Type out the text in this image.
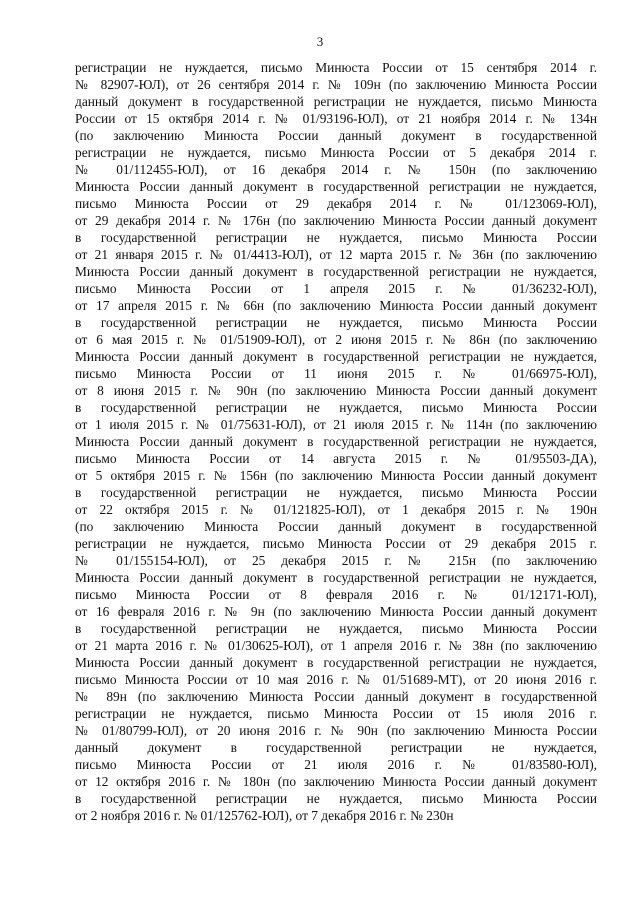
3
регистрации не нуждается, письмо Минюста России от 15 сентября 2014 г.
№ 82907-ЮЛ), от 26 сентября 2014 г. № 109н (по заключению Минюста России
данный документ в государственной регистрации не нуждается, письмо Минюста
России от 15 октября 2014 г. № 01/93196-ЮЛ), от 21 ноября 2014 г. № 134н
(по заключению Минюста России данный документ в государственной
регистрации не нуждается, письмо Минюста России от 5 декабря 2014 г.
№ 01/112455-ЮЛ), от 16 декабря 2014 г. № 150н (по заключению
Минюста России данный документ в государственной регистрации не нуждается,
письмо Минюста России от 29 декабря 2014 г. № 01/123069-ЮЛ),
от 29 декабря 2014 г. № 176н (по заключению Минюста России данный документ
в государственной регистрации не нуждается, письмо Минюста России
от 21 января 2015 г. № 01/4413-ЮЛ), от 12 марта 2015 г. № 36н (по заключению
Минюста России данный документ в государственной регистрации не нуждается,
письмо Минюста России от 1 апреля 2015 г. № 01/36232-ЮЛ),
от 17 апреля 2015 г. № 66н (по заключению Минюста России данный документ
в государственной регистрации не нуждается, письмо Минюста России
от 6 мая 2015 г. № 01/51909-ЮЛ), от 2 июня 2015 г. № 86н (по заключению
Минюста России данный документ в государственной регистрации не нуждается,
письмо Минюста России от 11 июня 2015 г. № 01/66975-ЮЛ),
от 8 июня 2015 г. № 90н (по заключению Минюста России данный документ
в государственной регистрации не нуждается, письмо Минюста России
от 1 июля 2015 г. № 01/75631-ЮЛ), от 21 июля 2015 г. № 114н (по заключению
Минюста России данный документ в государственной регистрации не нуждается,
письмо Минюста России от 14 августа 2015 г. № 01/95503-ДА),
от 5 октября 2015 г. № 156н (по заключению Минюста России данный документ
в государственной регистрации не нуждается, письмо Минюста России
от 22 октября 2015 г. № 01/121825-ЮЛ), от 1 декабря 2015 г. № 190н
(по заключению Минюста России данный документ в государственной
регистрации не нуждается, письмо Минюста России от 29 декабря 2015 г.
№ 01/155154-ЮЛ), от 25 декабря 2015 г. № 215н (по заключению
Минюста России данный документ в государственной регистрации не нуждается,
письмо Минюста России от 8 февраля 2016 г. № 01/12171-ЮЛ),
от 16 февраля 2016 г. № 9н (по заключению Минюста России данный документ
в государственной регистрации не нуждается, письмо Минюста России
от 21 марта 2016 г. № 01/30625-ЮЛ), от 1 апреля 2016 г. № 38н (по заключению
Минюста России данный документ в государственной регистрации не нуждается,
письмо Минюста России от 10 мая 2016 г. № 01/51689-МТ), от 20 июня 2016 г.
№ 89н (по заключению Минюста России данный документ в государственной
регистрации не нуждается, письмо Минюста России от 15 июля 2016 г.
№ 01/80799-ЮЛ), от 20 июня 2016 г. № 90н (по заключению Минюста России
данный документ в государственной регистрации не нуждается,
письмо Минюста России от 21 июля 2016 г. № 01/83580-ЮЛ),
от 12 октября 2016 г. № 180н (по заключению Минюста России данный документ
в государственной регистрации не нуждается, письмо Минюста России
от 2 ноября 2016 г. № 01/125762-ЮЛ), от 7 декабря 2016 г. № 230н
